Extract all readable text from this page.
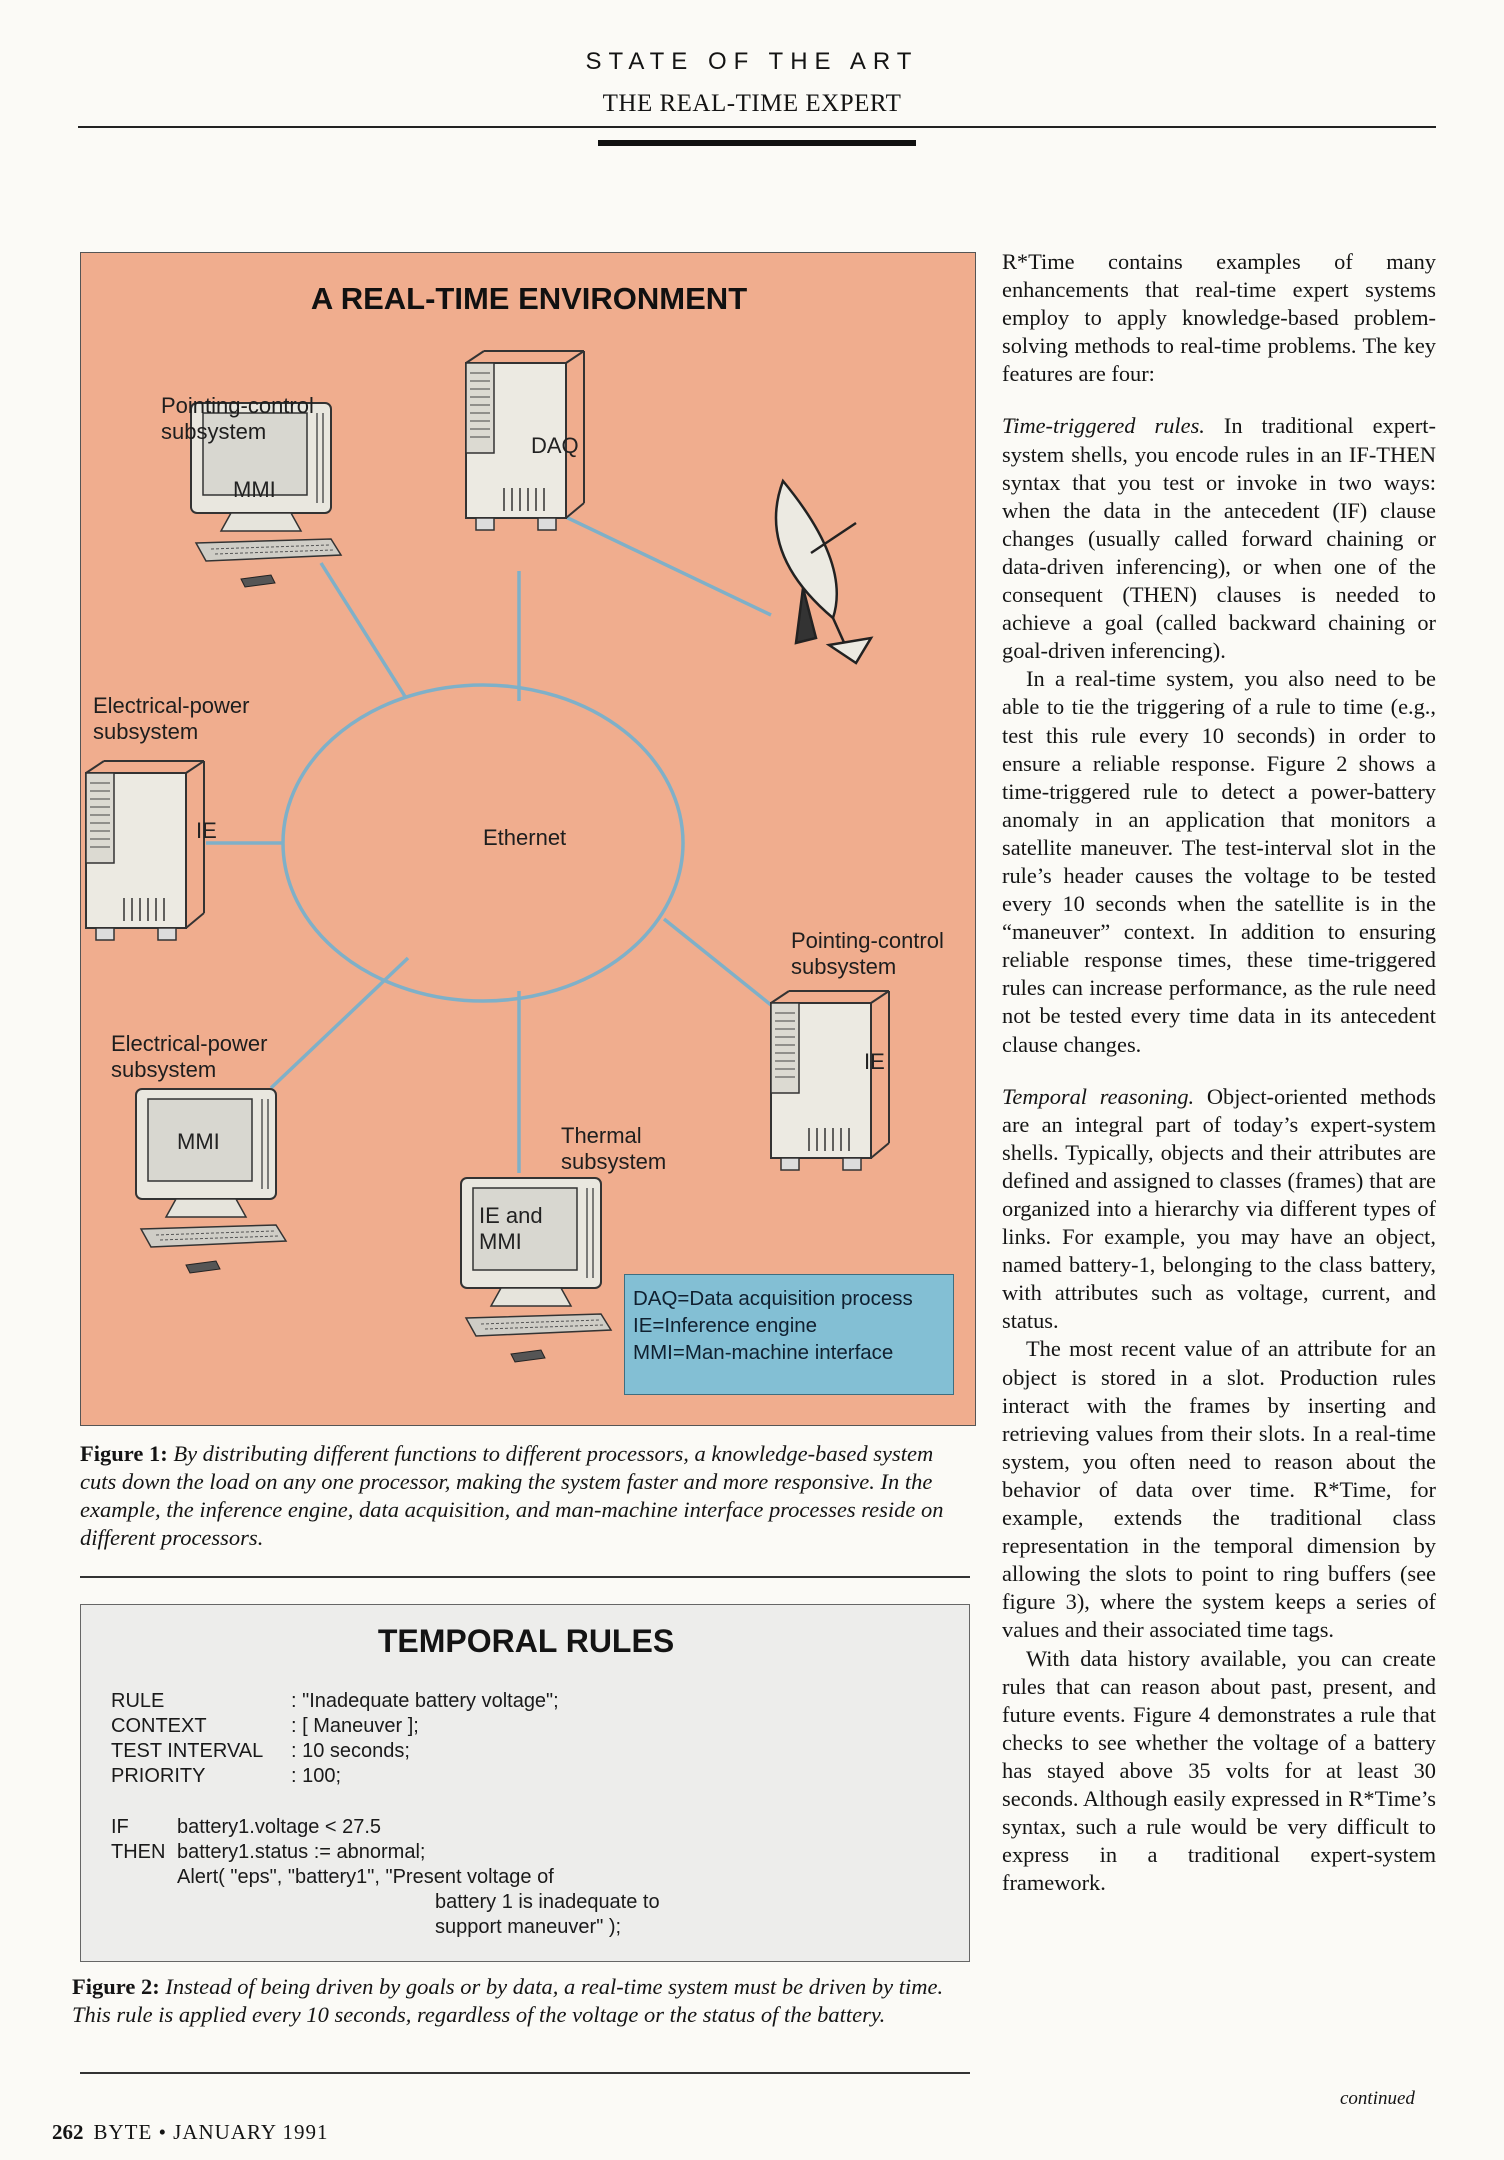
STATE OF THE ART
THE REAL-TIME EXPERT
Pointing-control
subsystem
Electrical-power
subsystem
Electrical-power
subsystem
Pointing-control
subsystem
Thermal
subsystem
Ethernet
MMI
DAQ
IE
IE
MMI
IE and
MMI
DAQ=Data acquisition process
IE=Inference engine
MMI=Man-machine interface
A REAL-TIME ENVIRONMENT
Figure 1: By distributing different functions to different processors, a knowledge-based system cuts down the load on any one processor, making the system faster and more responsive. In the example, the inference engine, data acquisition, and man-machine interface processes reside on different processors.
TEMPORAL RULES
RULE	: "Inadequate battery voltage";
CONTEXT	: [ Maneuver ];
TEST INTERVAL : 10 seconds;
PRIORITY	: 100;
IF battery1.voltage < 27.5
THEN battery1.status := abnormal;
Alert( "eps", "battery1", "Present voltage of
battery 1 is inadequate to
support maneuver" );
Figure 2: Instead of being driven by goals or by data, a real-time system must be driven by time. This rule is applied every 10 seconds, regardless of the voltage or the status of the battery.
262 BYTE • JANUARY 1991

R*Time contains examples of many enhancements that real-time expert systems employ to apply knowledge-based problem-solving methods to real-time problems. The key features are four:

Time-triggered rules. In traditional expert-system shells, you encode rules in an IF-THEN syntax that you test or invoke in two ways: when the data in the antecedent (IF) clause changes (usually called forward chaining or data-driven inferencing), or when one of the consequent (THEN) clauses is needed to achieve a goal (called backward chaining or goal-driven inferencing).

In a real-time system, you also need to be able to tie the triggering of a rule to time (e.g., test this rule every 10 seconds) in order to ensure a reliable response. Figure 2 shows a time-triggered rule to detect a power-battery anomaly in an application that monitors a satellite maneuver. The test-interval slot in the rule’s header causes the voltage to be tested every 10 seconds when the satellite is in the “maneuver” context. In addition to ensuring reliable response times, these time-triggered rules can increase performance, as the rule need not be tested every time data in its antecedent clause changes.

Temporal reasoning. Object-oriented methods are an integral part of today’s expert-system shells. Typically, objects and their attributes are defined and assigned to classes (frames) that are organized into a hierarchy via different types of links. For example, you may have an object, named battery-1, belonging to the class battery, with attributes such as voltage, current, and status.

The most recent value of an attribute for an object is stored in a slot. Production rules interact with the frames by inserting and retrieving values from their slots. In a real-time system, you often need to reason about the behavior of data over time. R*Time, for example, extends the traditional class representation in the temporal dimension by allowing the slots to point to ring buffers (see figure 3), where the system keeps a series of values and their associated time tags.

With data history available, you can create rules that can reason about past, present, and future events. Figure 4 demonstrates a rule that checks to see whether the voltage of a battery has stayed above 35 volts for at least 30 seconds. Although easily expressed in R*Time’s syntax, such a rule would be very difficult to express in a traditional expert-system framework.

continued
